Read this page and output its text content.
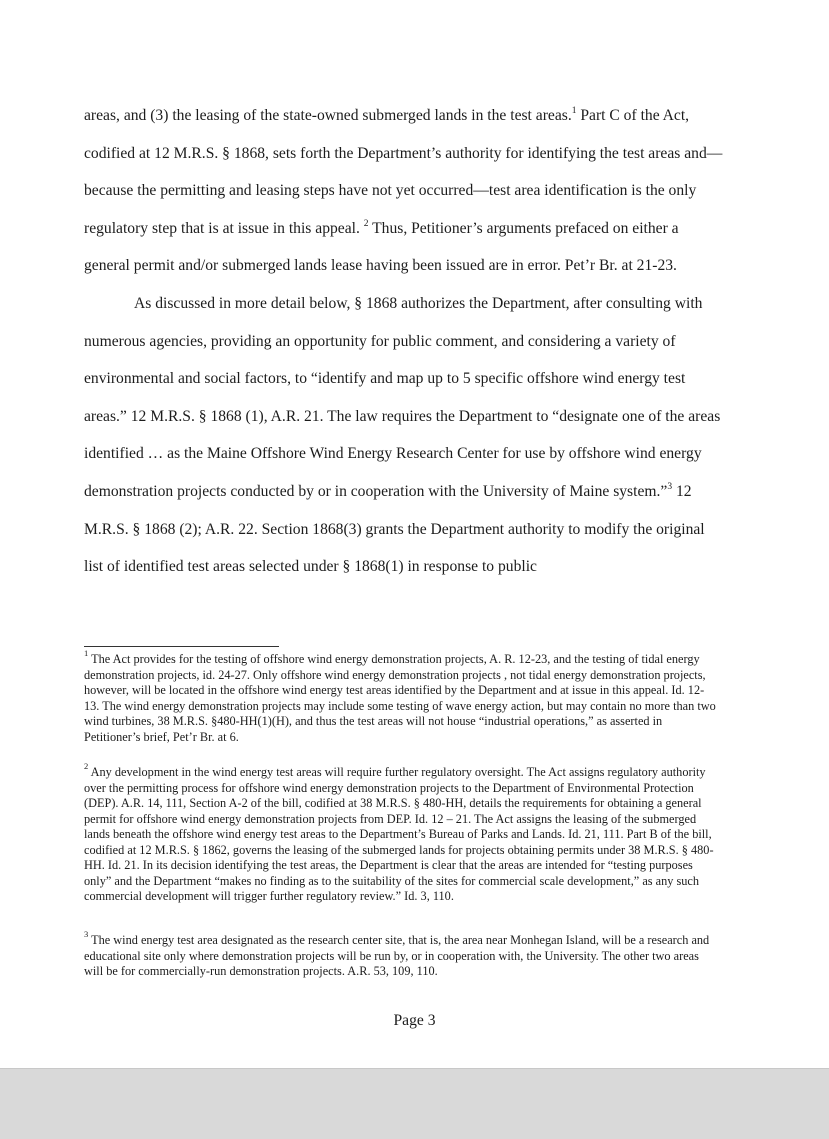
areas, and (3) the leasing of the state-owned submerged lands in the test areas.$^1$ Part C of the Act, codified at 12 M.R.S. § 1868, sets forth the Department’s authority for identifying the test areas and—because the permitting and leasing steps have not yet occurred—test area identification is the only regulatory step that is at issue in this appeal. $^2$ Thus, Petitioner’s arguments prefaced on either a general permit and/or submerged lands lease having been issued are in error. Pet’r Br. at 21-23.

As discussed in more detail below, § 1868 authorizes the Department, after consulting with numerous agencies, providing an opportunity for public comment, and considering a variety of environmental and social factors, to “identify and map up to 5 specific offshore wind energy test areas.” 12 M.R.S. § 1868 (1), A.R. 21. The law requires the Department to “designate one of the areas identified … as the Maine Offshore Wind Energy Research Center for use by offshore wind energy demonstration projects conducted by or in cooperation with the University of Maine system.”$^3$ 12 M.R.S. § 1868 (2); A.R. 22. Section 1868(3) grants the Department authority to modify the original list of identified test areas selected under § 1868(1) in response to public

$^1$ The Act provides for the testing of offshore wind energy demonstration projects, A. R. 12-23, and the testing of tidal energy demonstration projects, id. 24-27. Only offshore wind energy demonstration projects , not tidal energy demonstration projects, however, will be located in the offshore wind energy test areas identified by the Department and at issue in this appeal. Id. 12-13. The wind energy demonstration projects may include some testing of wave energy action, but may contain no more than two wind turbines, 38 M.R.S. §480-HH(1)(H), and thus the test areas will not house “industrial operations,” as asserted in Petitioner’s brief, Pet’r Br. at 6.

$^2$ Any development in the wind energy test areas will require further regulatory oversight. The Act assigns regulatory authority over the permitting process for offshore wind energy demonstration projects to the Department of Environmental Protection (DEP). A.R. 14, 111, Section A-2 of the bill, codified at 38 M.R.S. § 480-HH, details the requirements for obtaining a general permit for offshore wind energy demonstration projects from DEP. Id. 12 – 21. The Act assigns the leasing of the submerged lands beneath the offshore wind energy test areas to the Department’s Bureau of Parks and Lands. Id. 21, 111. Part B of the bill, codified at 12 M.R.S. § 1862, governs the leasing of the submerged lands for projects obtaining permits under 38 M.R.S. § 480-HH. Id. 21. In its decision identifying the test areas, the Department is clear that the areas are intended for “testing purposes only” and the Department “makes no finding as to the suitability of the sites for commercial scale development,” as any such commercial development will trigger further regulatory review.” Id. 3, 110.

$^3$ The wind energy test area designated as the research center site, that is, the area near Monhegan Island, will be a research and educational site only where demonstration projects will be run by, or in cooperation with, the University. The other two areas will be for commercially-run demonstration projects. A.R. 53, 109, 110.

Page 3
